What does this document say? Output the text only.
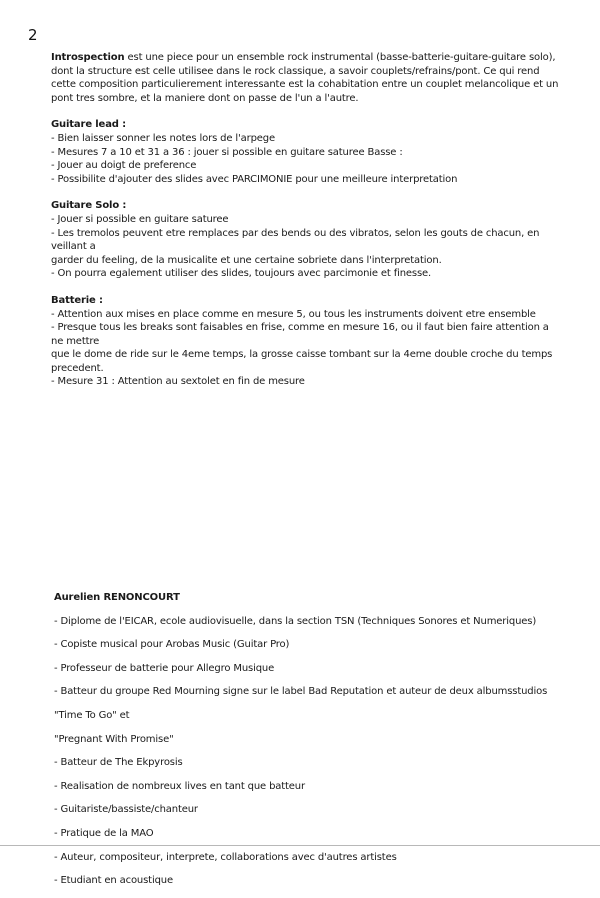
2

Introspection est une piece pour un ensemble rock instrumental (basse-batterie-guitare-guitare solo),

dont la structure est celle utilisee dans le rock classique, a savoir couplets/refrains/pont. Ce qui rend

cette composition particulierement interessante est la cohabitation entre un couplet melancolique et un

pont tres sombre, et la maniere dont on passe de l'un a l'autre.

Guitare lead :

- Bien laisser sonner les notes lors de l'arpege

- Mesures 7 a 10 et 31 a 36 : jouer si possible en guitare saturee Basse :

- Jouer au doigt de preference

- Possibilite d'ajouter des slides avec PARCIMONIE pour une meilleure interpretation

Guitare Solo :

- Jouer si possible en guitare saturee

- Les tremolos peuvent etre remplaces par des bends ou des vibratos, selon les gouts de chacun, en

veillant a

garder du feeling, de la musicalite et une certaine sobriete dans l'interpretation.

- On pourra egalement utiliser des slides, toujours avec parcimonie et finesse.

Batterie :

- Attention aux mises en place comme en mesure 5, ou tous les instruments doivent etre ensemble

- Presque tous les breaks sont faisables en frise, comme en mesure 16, ou il faut bien faire attention a

ne mettre

que le dome de ride sur le 4eme temps, la grosse caisse tombant sur la 4eme double croche du temps

precedent.

- Mesure 31 : Attention au sextolet en fin de mesure

Aurelien RENONCOURT

- Diplome de l'EICAR, ecole audiovisuelle, dans la section TSN (Techniques Sonores et Numeriques)

- Copiste musical pour Arobas Music (Guitar Pro)

- Professeur de batterie pour Allegro Musique

- Batteur du groupe Red Mourning signe sur le label Bad Reputation et auteur de deux albumsstudios

"Time To Go" et

"Pregnant With Promise"

- Batteur de The Ekpyrosis

- Realisation de nombreux lives en tant que batteur

- Guitariste/bassiste/chanteur

- Pratique de la MAO

- Auteur, compositeur, interprete, collaborations avec d'autres artistes

- Etudiant en acoustique
